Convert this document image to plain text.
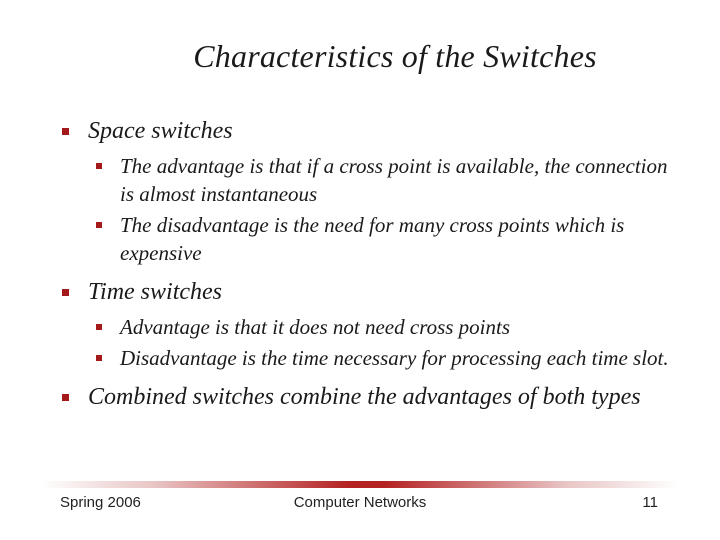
Characteristics of the Switches
Space switches
The advantage is that if a cross point is available, the connection is almost instantaneous
The disadvantage is the need for many cross points which is expensive
Time switches
Advantage is that it does not need cross points
Disadvantage is the time necessary for processing each time slot.
Combined switches combine the advantages of both types
Spring 2006	Computer Networks	11
